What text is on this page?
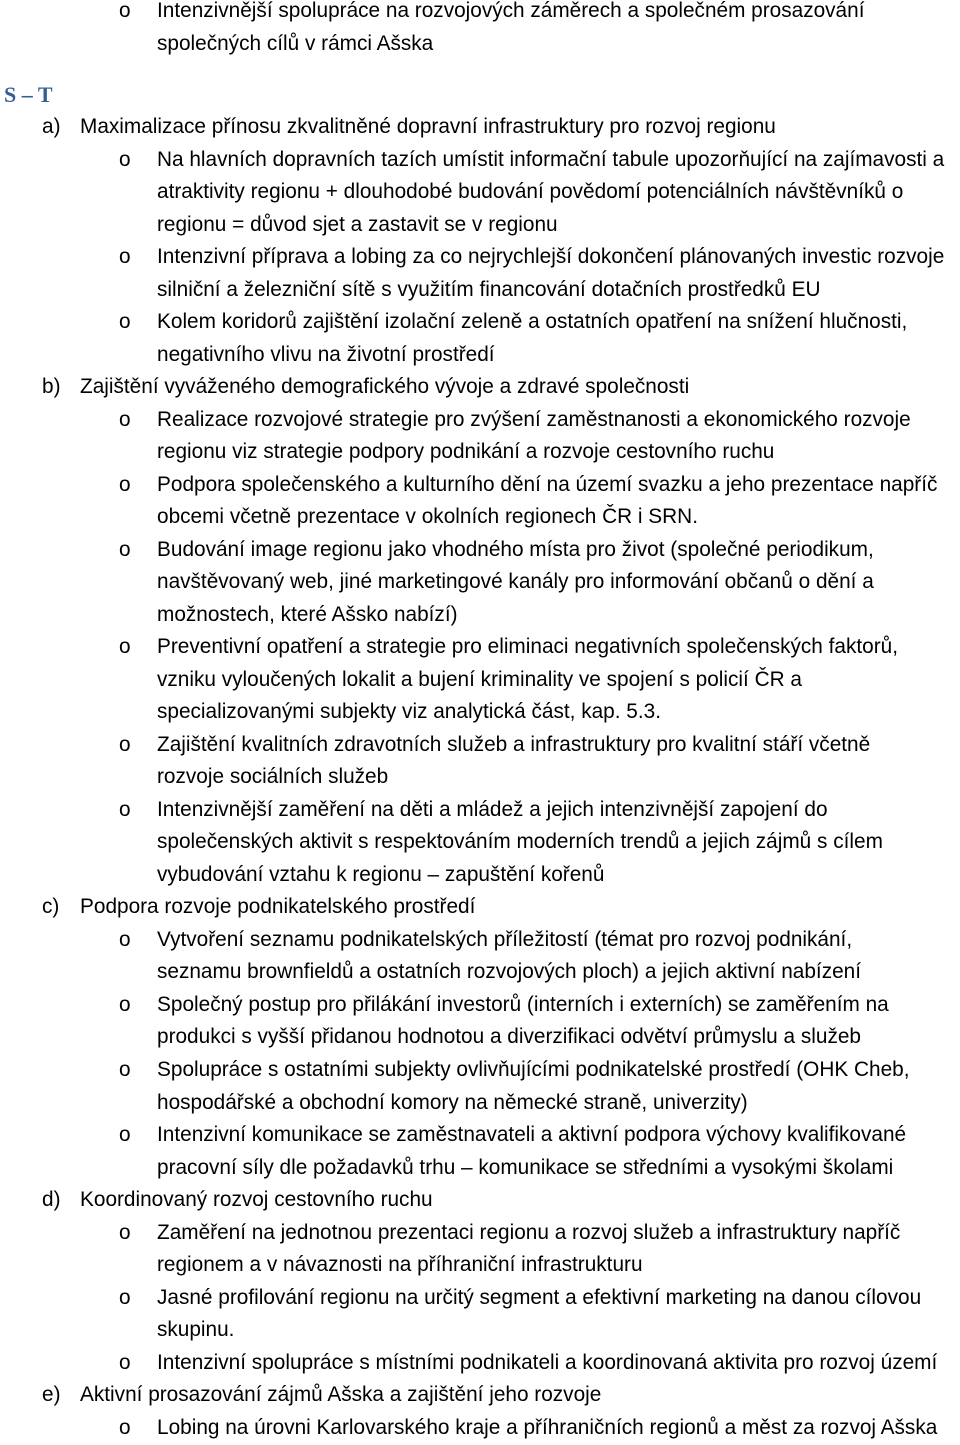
o Intenzivnější spolupráce na rozvojových záměrech a společném prosazování
společných cílů v rámci Ašska
S – T
a) Maximalizace přínosu zkvalitněné dopravní infrastruktury pro rozvoj regionu
o Na hlavních dopravních tazích umístit informační tabule upozorňující na zajímavosti a
atraktivity regionu + dlouhodobé budování povědomí potenciálních návštěvníků o
regionu = důvod sjet a zastavit se v regionu
o Intenzivní příprava a lobing za co nejrychlejší dokončení plánovaných investic rozvoje
silniční a železniční sítě s využitím financování dotačních prostředků EU
o Kolem koridorů zajištění izolační zeleně a ostatních opatření na snížení hlučnosti,
negativního vlivu na životní prostředí
b) Zajištění vyváženého demografického vývoje a zdravé společnosti
o Realizace rozvojové strategie pro zvýšení zaměstnanosti a ekonomického rozvoje
regionu viz strategie podpory podnikání a rozvoje cestovního ruchu
o Podpora společenského a kulturního dění na území svazku a jeho prezentace napříč
obcemi včetně prezentace v okolních regionech ČR i SRN.
o Budování image regionu jako vhodného místa pro život (společné periodikum,
navštěvovaný web, jiné marketingové kanály pro informování občanů o dění a
možnostech, které Ašsko nabízí)
o Preventivní opatření a strategie pro eliminaci negativních společenských faktorů,
vzniku vyloučených lokalit a bujení kriminality ve spojení s policií ČR a
specializovanými subjekty viz analytická část, kap. 5.3.
o Zajištění kvalitních zdravotních služeb a infrastruktury pro kvalitní stáří včetně
rozvoje sociálních služeb
o Intenzivnější zaměření na děti a mládež a jejich intenzivnější zapojení do
společenských aktivit s respektováním moderních trendů a jejich zájmů s cílem
vybudování vztahu k regionu – zapuštění kořenů
c) Podpora rozvoje podnikatelského prostředí
o Vytvoření seznamu podnikatelských příležitostí (témat pro rozvoj podnikání,
seznamu brownfieldů a ostatních rozvojových ploch) a jejich aktivní nabízení
o Společný postup pro přilákání investorů (interních i externích) se zaměřením na
produkci s vyšší přidanou hodnotou a diverzifikaci odvětví průmyslu a služeb
o Spolupráce s ostatními subjekty ovlivňujícími podnikatelské prostředí (OHK Cheb,
hospodářské a obchodní komory na německé straně, univerzity)
o Intenzivní komunikace se zaměstnavateli a aktivní podpora výchovy kvalifikované
pracovní síly dle požadavků trhu – komunikace se středními a vysokými školami
d) Koordinovaný rozvoj cestovního ruchu
o Zaměření na jednotnou prezentaci regionu a rozvoj služeb a infrastruktury napříč
regionem a v návaznosti na příhraniční infrastrukturu
o Jasné profilování regionu na určitý segment a efektivní marketing na danou cílovou
skupinu.
o Intenzivní spolupráce s místními podnikateli a koordinovaná aktivita pro rozvoj území
e) Aktivní prosazování zájmů Ašska a zajištění jeho rozvoje
o Lobing na úrovni Karlovarského kraje a příhraničních regionů a měst za rozvoj Ašska
